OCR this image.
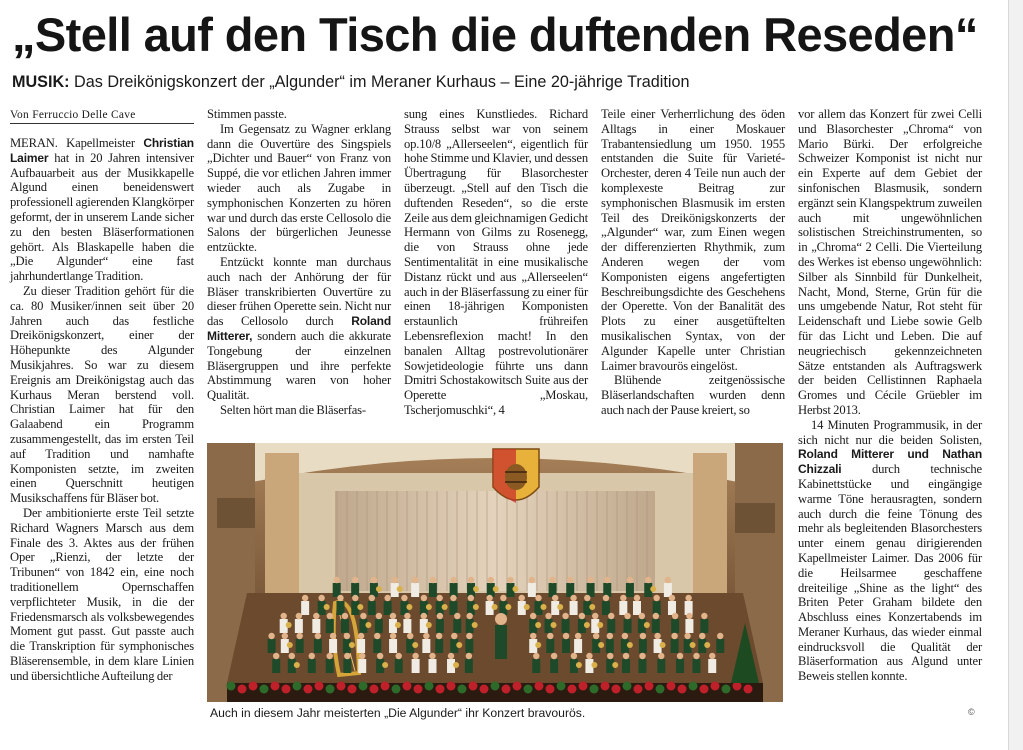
„Stell auf den Tisch die duftenden Reseden“
MUSIK: Das Dreikönigskonzert der „Algunder“ im Meraner Kurhaus – Eine 20-jährige Tradition
Von Ferruccio Delle Cave

MERAN. Kapellmeister Christian Laimer hat in 20 Jahren intensiver Aufbauarbeit aus der Musikkapelle Algund einen beneidenswert professionell agierenden Klangkörper geformt, der in unserem Lande sicher zu den besten Bläserformationen gehört. Als Blaskapelle haben die „Die Algunder“ eine fast jahrhundertlange Tradition.

Zu dieser Tradition gehört für die ca. 80 Musiker/innen seit über 20 Jahren auch das festliche Dreikönigskonzert, einer der Höhepunkte des Algunder Musikjahres. So war zu diesem Ereignis am Dreikönigstag auch das Kurhaus Meran berstend voll. Christian Laimer hat für den Galaabend ein Programm zusammengestellt, das im ersten Teil auf Tradition und namhafte Komponisten setzte, im zweiten einen Querschnitt heutigen Musikschaffens für Bläser bot.

Der ambitionierte erste Teil setzte Richard Wagners Marsch aus dem Finale des 3. Aktes aus der frühen Oper „Rienzi, der letzte der Tribunen“ von 1842 ein, eine noch traditionellem Opernschaffen verpflichteter Musik, in die der Friedensmarsch als volksbewegendes Moment gut passt. Gut passte auch die Transkription für symphonisches Bläserensemble, in dem klare Linien und übersichtliche Aufteilung der

Stimmen passte.

Im Gegensatz zu Wagner erklang dann die Ouvertüre des Singspiels „Dichter und Bauer“ von Franz von Suppé, die vor etlichen Jahren immer wieder auch als Zugabe in symphonischen Konzerten zu hören war und durch das erste Cellosolo die Salons der bürgerlichen Jeunesse entzückte.

Entzückt konnte man durchaus auch nach der Anhörung der für Bläser transkribierten Ouvertüre zu dieser frühen Operette sein. Nicht nur das Cellosolo durch Roland Mitterer, sondern auch die akkurate Tongebung der einzelnen Bläsergruppen und ihre perfekte Abstimmung waren von hoher Qualität.

Selten hört man die Bläserfas-

sung eines Kunstliedes. Richard Strauss selbst war von seinem op.10/8 „Allerseelen“, eigentlich für hohe Stimme und Klavier, und dessen Übertragung für Blasorchester überzeugt. „Stell auf den Tisch die duftenden Reseden“, so die erste Zeile aus dem gleichnamigen Gedicht Hermann von Gilms zu Rosenegg, die von Strauss ohne jede Sentimentalität in eine musikalische Distanz rückt und aus „Allerseelen“ auch in der Bläserfassung zu einer für einen 18-jährigen Komponisten erstaunlich frühreifen Lebensreflexion macht! In den banalen Alltag postrevolutionärer Sowjetideologie führte uns dann Dmitri Schostakowitsch Suite aus der Operette „Moskau, Tscherjomuschki“, 4

Teile einer Verherrlichung des öden Alltags in einer Moskauer Trabantensiedlung um 1950. 1955 entstanden die Suite für Varieté-Orchester, deren 4 Teile nun auch der komplexeste Beitrag zur symphonischen Blasmusik im ersten Teil des Dreikönigskonzerts der „Algunder“ war, zum Einen wegen der differenzierten Rhythmik, zum Anderen wegen der vom Komponisten eigens angefertigten Beschreibungsdichte des Geschehens der Operette. Von der Banalität des Plots zu einer ausgetüftelten musikalischen Syntax, von der Algunder Kapelle unter Christian Laimer bravourös eingelöst.

Blühende zeitgenössische Bläserlandschaften wurden denn auch nach der Pause kreiert, so

vor allem das Konzert für zwei Celli und Blasorchester „Chroma“ von Mario Bürki. Der erfolgreiche Schweizer Komponist ist nicht nur ein Experte auf dem Gebiet der sinfonischen Blasmusik, sondern ergänzt sein Klangspektrum zuweilen auch mit ungewöhnlichen solistischen Streichinstrumenten, so in „Chroma“ 2 Celli. Die Vierteilung des Werkes ist ebenso ungewöhnlich: Silber als Sinnbild für Dunkelheit, Nacht, Mond, Sterne, Grün für die uns umgebende Natur, Rot steht für Leidenschaft und Liebe sowie Gelb für das Licht und Leben. Die auf neugriechisch gekennzeichneten Sätze entstanden als Auftragswerk der beiden Cellistinnen Raphaela Gromes und Cécile Grüebler im Herbst 2013.

14 Minuten Programmusik, in der sich nicht nur die beiden Solisten, Roland Mitterer und Nathan Chizzali durch technische Kabinettstücke und eingängige warme Töne herausragten, sondern auch durch die feine Tönung des mehr als begleitenden Blasorchesters unter einem genau dirigierenden Kapellmeister Laimer. Das 2006 für die Heilsarmee geschaffene dreiteilige „Shine as the light“ des Briten Peter Graham bildete den Abschluss eines Konzertabends im Meraner Kurhaus, das wieder einmal eindrucksvoll die Qualität der Bläserformation aus Algund unter Beweis stellen konnte.

Auch in diesem Jahr meisterten „Die Algunder“ ihr Konzert bravourös.	©
